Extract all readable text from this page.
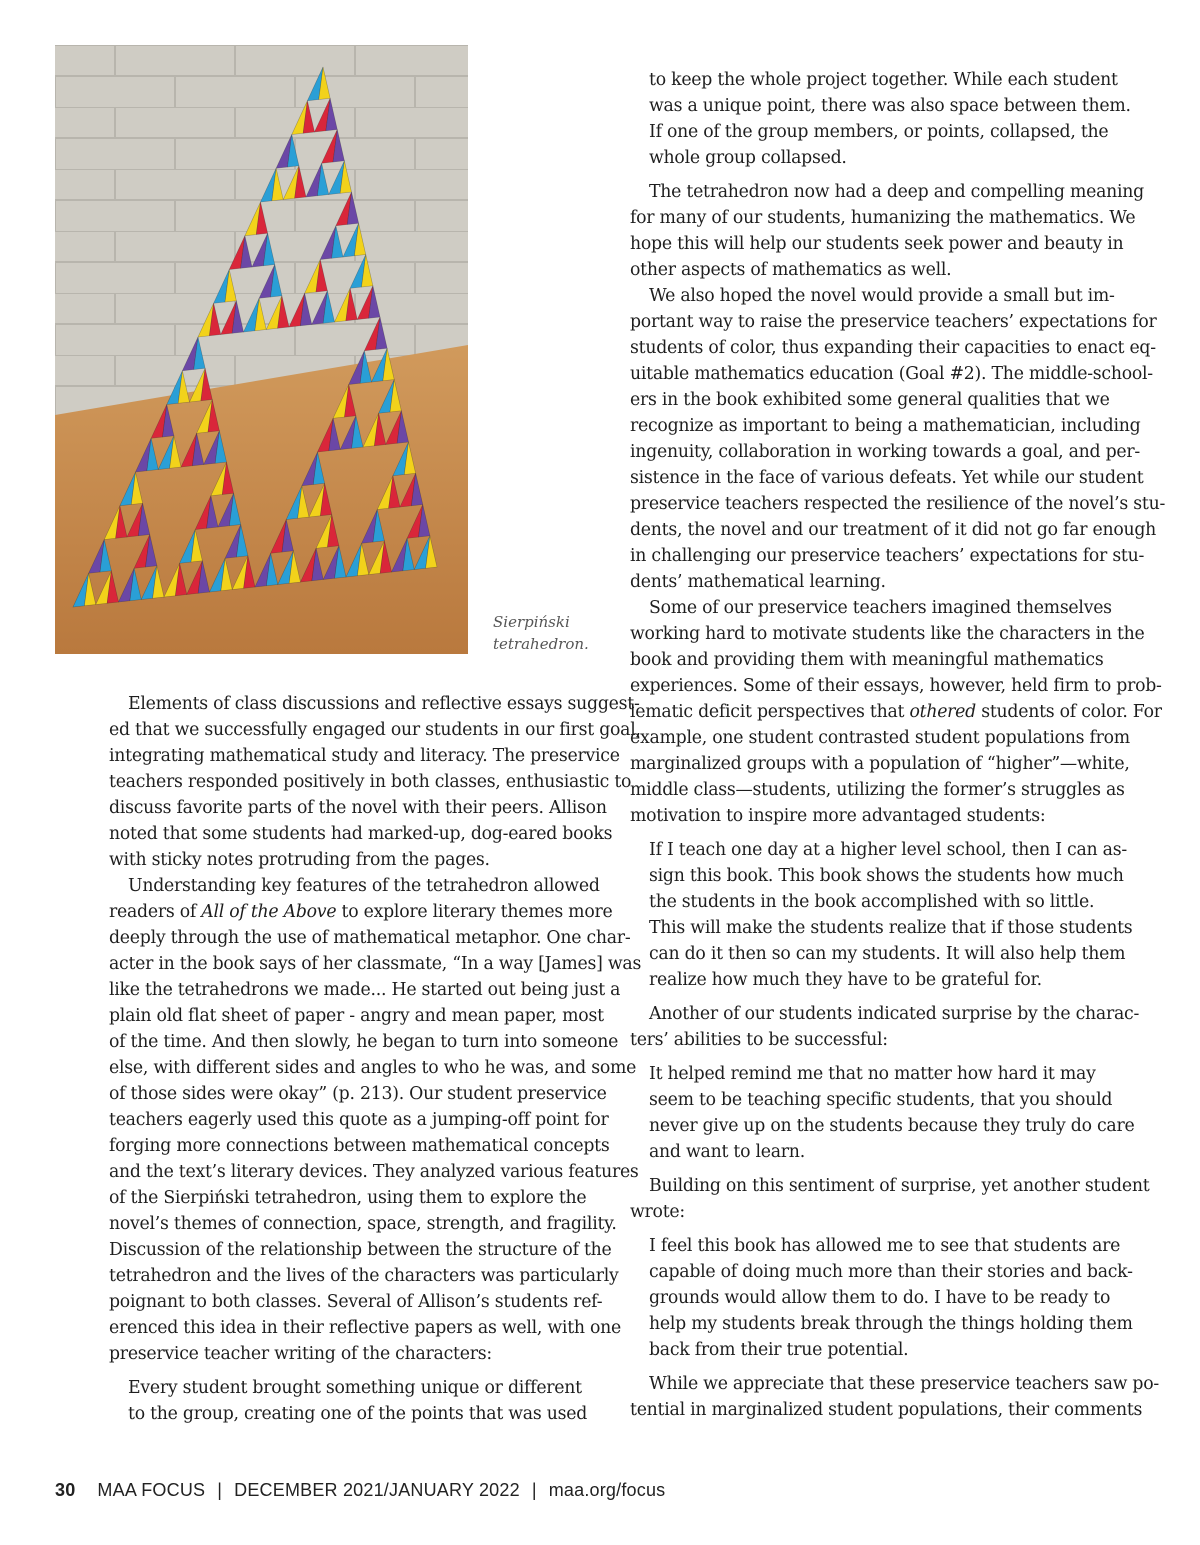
Sierpiński tetrahedron.
Elements of class discussions and reflective essays suggest-
ed that we successfully engaged our students in our first goal,
integrating mathematical study and literacy. The preservice
teachers responded positively in both classes, enthusiastic to
discuss favorite parts of the novel with their peers. Allison
noted that some students had marked-up, dog-eared books
with sticky notes protruding from the pages.
Understanding key features of the tetrahedron allowed
readers of All of the Above to explore literary themes more
deeply through the use of mathematical metaphor. One char-
acter in the book says of her classmate, “In a way [James] was
like the tetrahedrons we made... He started out being just a
plain old flat sheet of paper - angry and mean paper, most
of the time. And then slowly, he began to turn into someone
else, with different sides and angles to who he was, and some
of those sides were okay” (p. 213). Our student preservice
teachers eagerly used this quote as a jumping-off point for
forging more connections between mathematical concepts
and the text’s literary devices. They analyzed various features
of the Sierpiński tetrahedron, using them to explore the
novel’s themes of connection, space, strength, and fragility.
Discussion of the relationship between the structure of the
tetrahedron and the lives of the characters was particularly
poignant to both classes. Several of Allison’s students ref-
erenced this idea in their reflective papers as well, with one
preservice teacher writing of the characters:
Every student brought something unique or different
to the group, creating one of the points that was used
to keep the whole project together. While each student
was a unique point, there was also space between them.
If one of the group members, or points, collapsed, the
whole group collapsed.
The tetrahedron now had a deep and compelling meaning
for many of our students, humanizing the mathematics. We
hope this will help our students seek power and beauty in
other aspects of mathematics as well.
We also hoped the novel would provide a small but im-
portant way to raise the preservice teachers’ expectations for
students of color, thus expanding their capacities to enact eq-
uitable mathematics education (Goal #2). The middle-school-
ers in the book exhibited some general qualities that we
recognize as important to being a mathematician, including
ingenuity, collaboration in working towards a goal, and per-
sistence in the face of various defeats. Yet while our student
preservice teachers respected the resilience of the novel’s stu-
dents, the novel and our treatment of it did not go far enough
in challenging our preservice teachers’ expectations for stu-
dents’ mathematical learning.
Some of our preservice teachers imagined themselves
working hard to motivate students like the characters in the
book and providing them with meaningful mathematics
experiences. Some of their essays, however, held firm to prob-
lematic deficit perspectives that othered students of color. For
example, one student contrasted student populations from
marginalized groups with a population of “higher”—white,
middle class—students, utilizing the former’s struggles as
motivation to inspire more advantaged students:
If I teach one day at a higher level school, then I can as-
sign this book. This book shows the students how much
the students in the book accomplished with so little.
This will make the students realize that if those students
can do it then so can my students. It will also help them
realize how much they have to be grateful for.
Another of our students indicated surprise by the charac-
ters’ abilities to be successful:
It helped remind me that no matter how hard it may
seem to be teaching specific students, that you should
never give up on the students because they truly do care
and want to learn.
Building on this sentiment of surprise, yet another student
wrote:
I feel this book has allowed me to see that students are
capable of doing much more than their stories and back-
grounds would allow them to do. I have to be ready to
help my students break through the things holding them
back from their true potential.
While we appreciate that these preservice teachers saw po-
tential in marginalized student populations, their comments
30 MAA FOCUS | DECEMBER 2021/JANUARY 2022 | maa.org/focus
